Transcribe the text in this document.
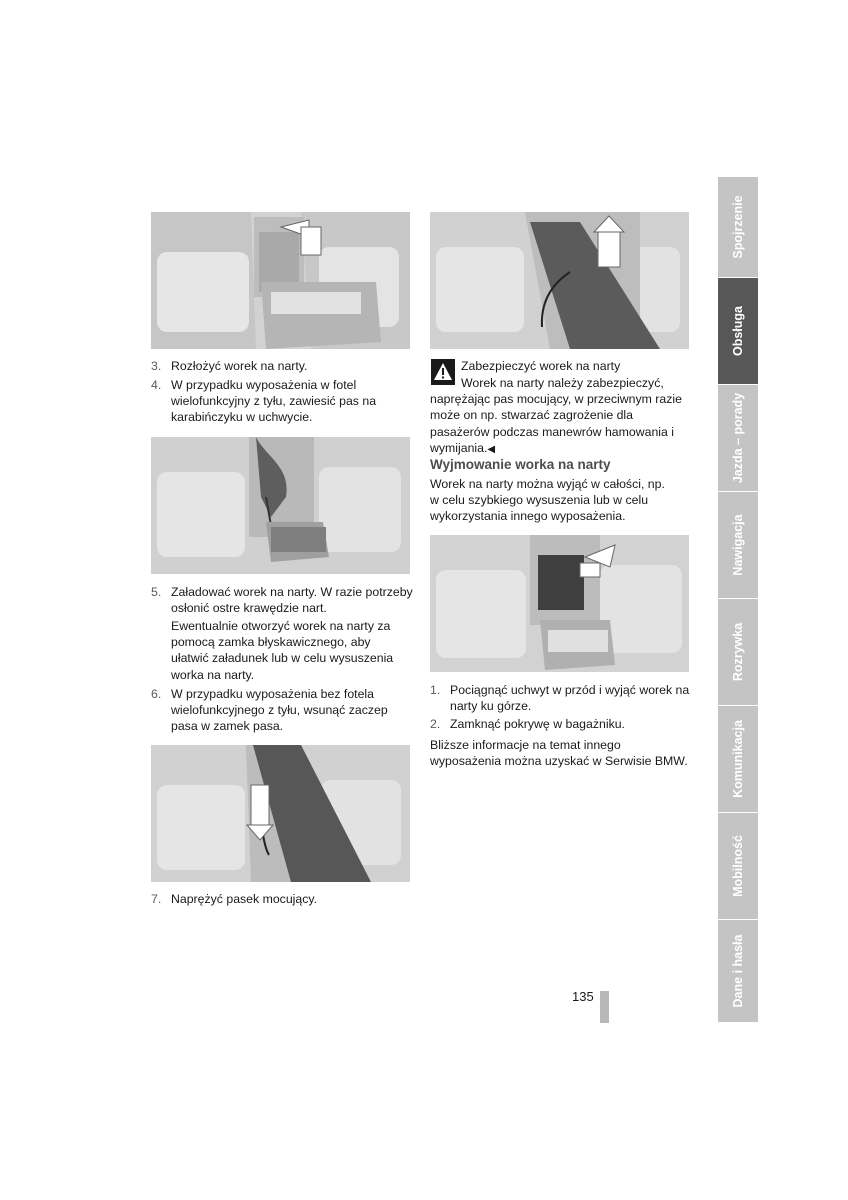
3. Rozłożyć worek na narty.
4. W przypadku wyposażenia w fotel wielofunkcyjny z tyłu, zawiesić pas na karabińczyku w uchwycie.
5. Załadować worek na narty. W razie potrzeby osłonić ostre krawędzie nart.
Ewentualnie otworzyć worek na narty za pomocą zamka błyskawicznego, aby ułatwić załadunek lub w celu wysuszenia worka na narty.
6. W przypadku wyposażenia bez fotela wielofunkcyjnego z tyłu, wsunąć zaczep pasa w zamek pasa.
7. Naprężyć pasek mocujący.
Zabezpieczyć worek na narty
Worek na narty należy zabezpieczyć, naprężając pas mocujący, w przeciwnym razie może on np. stwarzać zagrożenie dla pasażerów podczas manewrów hamowania i wymijania.◀
Wyjmowanie worka na narty
Worek na narty można wyjąć w całości, np. w celu szybkiego wysuszenia lub w celu wykorzystania innego wyposażenia.
1. Pociągnąć uchwyt w przód i wyjąć worek na narty ku górze.
2. Zamknąć pokrywę w bagażniku.
Bliższe informacje na temat innego wyposażenia można uzyskać w Serwisie BMW.
Spojrzenie
Obsługa
Jazda – porady
Nawigacja
Rozrywka
Komunikacja
Mobilność
Dane i hasła
135
